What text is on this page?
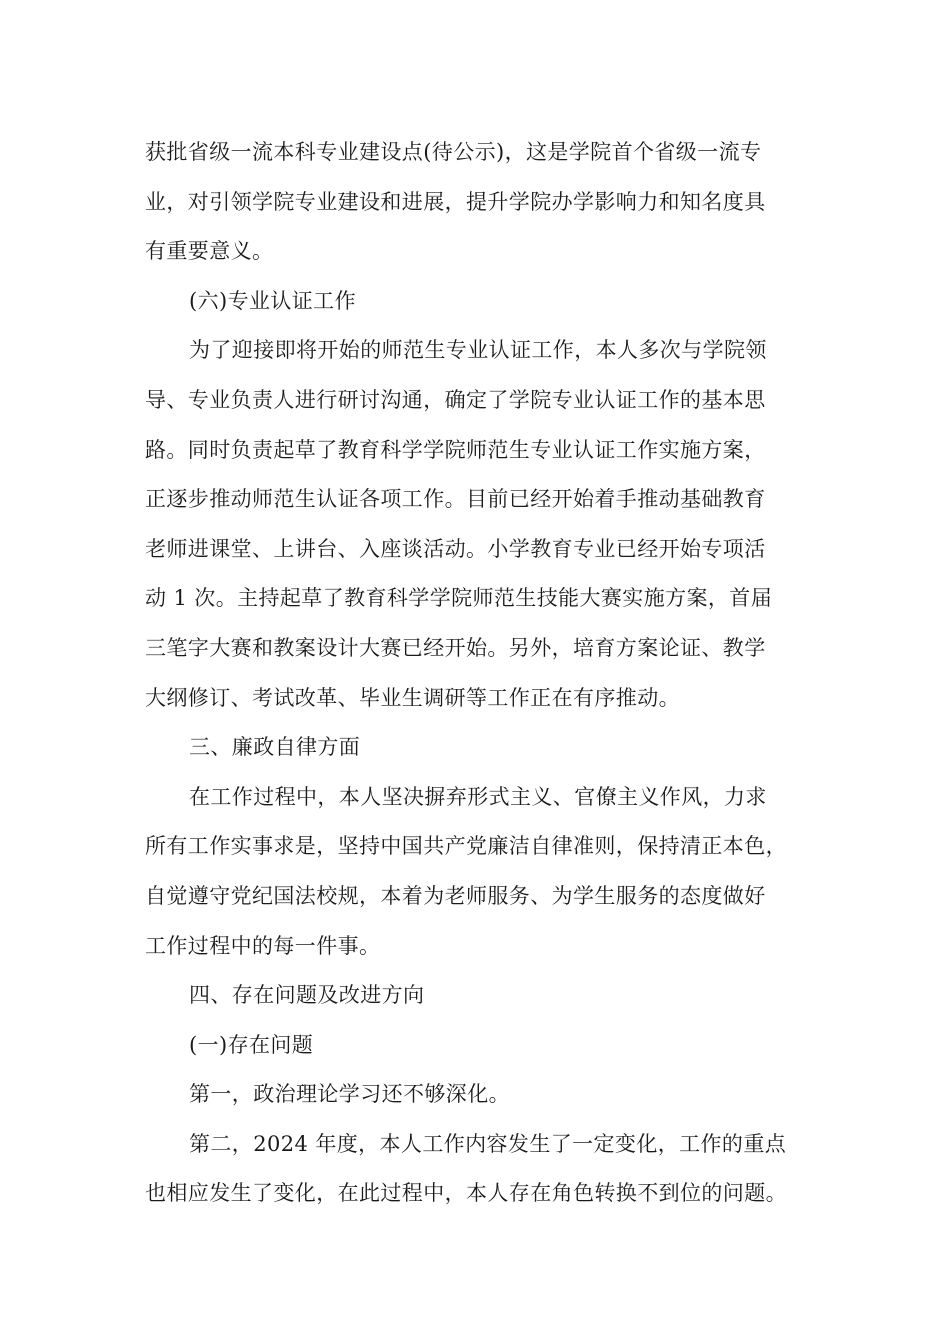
获批省级一流本科专业建设点(待公示)，这是学院首个省级一流专
业，对引领学院专业建设和进展，提升学院办学影响力和知名度具
有重要意义。

(六)专业认证工作

为了迎接即将开始的师范生专业认证工作，本人多次与学院领
导、专业负责人进行研讨沟通，确定了学院专业认证工作的基本思
路。同时负责起草了教育科学学院师范生专业认证工作实施方案，
正逐步推动师范生认证各项工作。目前已经开始着手推动基础教育
老师进课堂、上讲台、入座谈活动。小学教育专业已经开始专项活
动 1 次。主持起草了教育科学学院师范生技能大赛实施方案，首届
三笔字大赛和教案设计大赛已经开始。另外，培育方案论证、教学
大纲修订、考试改革、毕业生调研等工作正在有序推动。

三、廉政自律方面

在工作过程中，本人坚决摒弃形式主义、官僚主义作风，力求
所有工作实事求是，坚持中国共产党廉洁自律准则，保持清正本色，
自觉遵守党纪国法校规，本着为老师服务、为学生服务的态度做好
工作过程中的每一件事。

四、存在问题及改进方向

(一)存在问题

第一，政治理论学习还不够深化。

第二，2024 年度，本人工作内容发生了一定变化，工作的重点
也相应发生了变化，在此过程中，本人存在角色转换不到位的问题。
